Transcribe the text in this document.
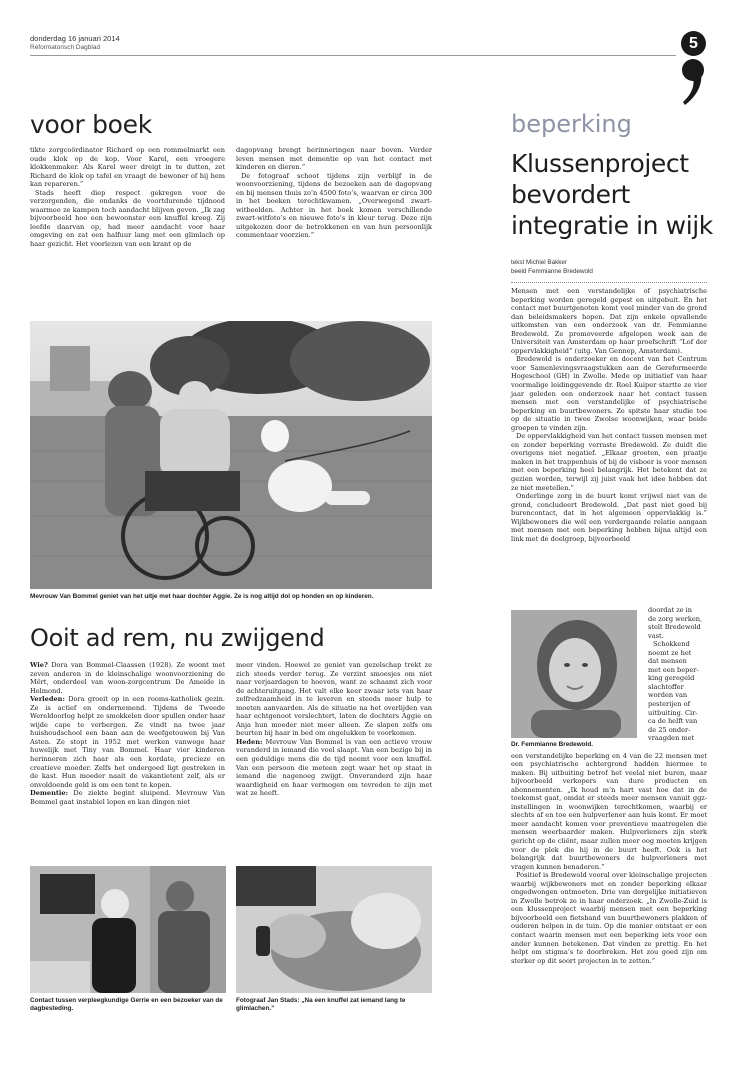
donderdag 16 januari 2014
Reformatorisch Dagblad	5
voor boek

tikte zorgcoördinator Richard op een rommelmarkt een oude klok op de kop. Voor Karel, een vroegere klokkenmaker. Als Karel weer dreigt in te dutten, zet Richard de klok op tafel en vraagt de bewoner of hij hem kan repareren.”

Stads heeft diep respect gekregen voor de verzorgenden, die ondanks de voortdurende tijdnood waarmee ze kampen toch aandacht blijven geven. „Ik zag bijvoorbeeld hoe een bewoonster een knuffel kreeg. Zij leefde daarvan op, had meer aandacht voor haar omgeving en zat een halfuur lang met een glimlach op haar gezicht. Het voorlezen van een krant op de

dagopvang brengt herinneringen naar boven. Verder leven mensen met dementie op van het contact met kinderen en dieren.”

De fotograaf schoot tijdens zijn verblijf in de woonvoorziening, tijdens de bezoeken aan de dagopvang en bij mensen thuis zo’n 4500 foto’s, waarvan er circa 300 in het boeken terechtkwamen. „Overwegend zwart-witbeelden. Achter in het boek komen verschillende zwart-witfoto’s en nieuwe foto’s in kleur terug. Deze zijn uitgekozen door de betrokkenen en van hun persoonlijk commentaar voorzien.”

Mevrouw Van Bommel geniet van het uitje met haar dochter Aggie. Ze is nog altijd dol op honden en op kinderen.
Ooit ad rem, nu zwijgend

Wie? Dora van Bommel-Claassen (1928). Ze woont met zeven anderen in de kleinschalige woonvoorziening de Mêrt, onderdeel van woon-zorgcentrum De Ameide in Helmond.

Verleden: Dora groeit op in een rooms-katholiek gezin. Ze is actief en ondernemend. Tijdens de Tweede Wereldoorlog helpt ze smokkelen door spullen onder haar wijde cape te verbergen. Ze vindt na twee jaar huishoudschool een baan aan de weefgetouwen bij Van Asten. Ze stopt in 1952 met werken vanwege haar huwelijk met Tiny van Bommel. Haar vier kinderen herinneren zich haar als een kordate, precieze en creatieve moeder. Zelfs het ondergoed ligt gestreken in de kast. Hun moeder naait de vakantietent zelf, als er onvoldoende geld is om een tent te kopen.

Dementie: De ziekte begint sluipend. Mevrouw Van Bommel gaat instabiel lopen en kan dingen niet

meer vinden. Hoewel ze geniet van gezelschap trekt ze zich steeds verder terug. Ze verzint smoesjes om niet naar verjaardagen te hoeven, want ze schaamt zich voor de achteruitgang. Het valt elke keer zwaar iets van haar zelfredzaamheid in te leveren en steeds meer hulp te moeten aanvaarden. Als de situatie na het overlijden van haar echtgenoot verslechtert, laten de dochters Aggie en Anja hun moeder niet meer alleen. Ze slapen zelfs om beurten bij haar in bed om ongelukken te voorkomen.

Heden: Mevrouw Van Bommel is van een actieve vrouw veranderd in iemand die veel slaapt. Van een bezige bij in een geduldige mens die de tijd neemt voor een knuffel. Van een persoon die meteen zegt waar het op staat in iemand die nagenoeg zwijgt. Onveranderd zijn haar waardigheid en haar vermogen om tevreden te zijn met wat ze heeft.

Contact tussen verpleegkundige Gerrie en een bezoeker van de dagbesteding.
Fotograaf Jan Stads: „Na een knuffel zat iemand lang te glimlachen.”
beperking
Klussenproject
bevordert
integratie in wijk
tekst Michiel Bakker
beeld Femmianne Bredewold

Mensen met een verstandelijke of psychiatrische beperking worden geregeld gepest en uitgebuit. En het contact met buurtgenoten komt veel minder van de grond dan beleidsmakers hopen. Dat zijn enkele opvallende uitkomsten van een onderzoek van dr. Femmianne Bredewold. Ze promoveerde afgelopen week aan de Universiteit van Amsterdam op haar proefschrift “Lof der oppervlakkigheid” (uitg. Van Gennep, Amsterdam).

Bredewold is onderzoeker en docent van het Centrum voor Samenlevingsvraagstukken aan de Gereformeerde Hogeschool (GH) in Zwolle. Mede op initiatief van haar voormalige leidinggevende dr. Roel Kuiper startte ze vier jaar geleden een onderzoek naar het contact tussen mensen met een verstandelijke of psychiatrische beperking en buurtbewoners. Ze spitste haar studie toe op de situatie in twee Zwolse woonwijken, waar beide groepen te vinden zijn.

De oppervlakkigheid van het contact tussen mensen met en zonder beperking verraste Bredewold. Ze duidt die overigens niet negatief. „Elkaar groeten, een praatje maken in het trappenhuis of bij de visboer is voor mensen met een beperking heel belangrijk. Het betekent dat ze gezien worden, terwijl zij juist vaak het idee hebben dat ze niet meetellen.”

Onderlinge zorg in de buurt komt vrijwel niet van de grond, concludeert Bredewold. „Dat past niet goed bij burencontact, dat in het algemeen oppervlakkig is.” Wijkbewoners die wél een verdergaande relatie aangaan met mensen met een beperking hebben bijna altijd een link met de doelgroep, bijvoorbeeld

Dr. Femmianne Bredewold.
doordat ze in
de zorg werken,
stelt Bredewold
vast.
Schokkend
noemt ze het
dat mensen
met een beper-
king geregeld
slachtoffer
worden van
pesterijen of
uitbuiting. Cir-
ca de helft van
de 25 onder-
vraagden met

een verstandelijke beperking en 4 van de 22 mensen met een psychiatrische achtergrond hadden hiermee te maken. Bij uitbuiting betrof het veelal niet buren, maar bijvoorbeeld verkopers van dure producten en abonnementen. „Ik houd m’n hart vast hoe dat in de toekomst gaat, omdat er steeds meer mensen vanuit ggz-instellingen in woonwijken terechtkomen, waarbij er slechts af en toe een hulpverlener aan huis komt. Er moet meer aandacht komen voor preventieve maatregelen die mensen weerbaarder maken. Hulpverleners zijn sterk gericht op de cliënt, maar zullen meer oog moeten krijgen voor de plek die hij in de buurt heeft. Ook is het belangrijk dat buurtbewoners de hulpverleners met vragen kunnen benaderen.”

Positief is Bredewold vooral over kleinschalige projecten waarbij wijkbewoners met en zonder beperking elkaar ongedwongen ontmoeten. Drie van dergelijke initiatieven in Zwolle betrok ze in haar onderzoek. „In Zwolle-Zuid is een klussenproject waarbij mensen met een beperking bijvoorbeeld een fietsband van buurtbewoners plakken of ouderen helpen in de tuin. Op die manier ontstaat er een contact waarin mensen met een beperking iets voor een ander kunnen betekenen. Dat vinden ze prettig. En het helpt om stigma’s te doorbreken. Het zou goed zijn om sterker op dit soort projecten in te zetten.”
